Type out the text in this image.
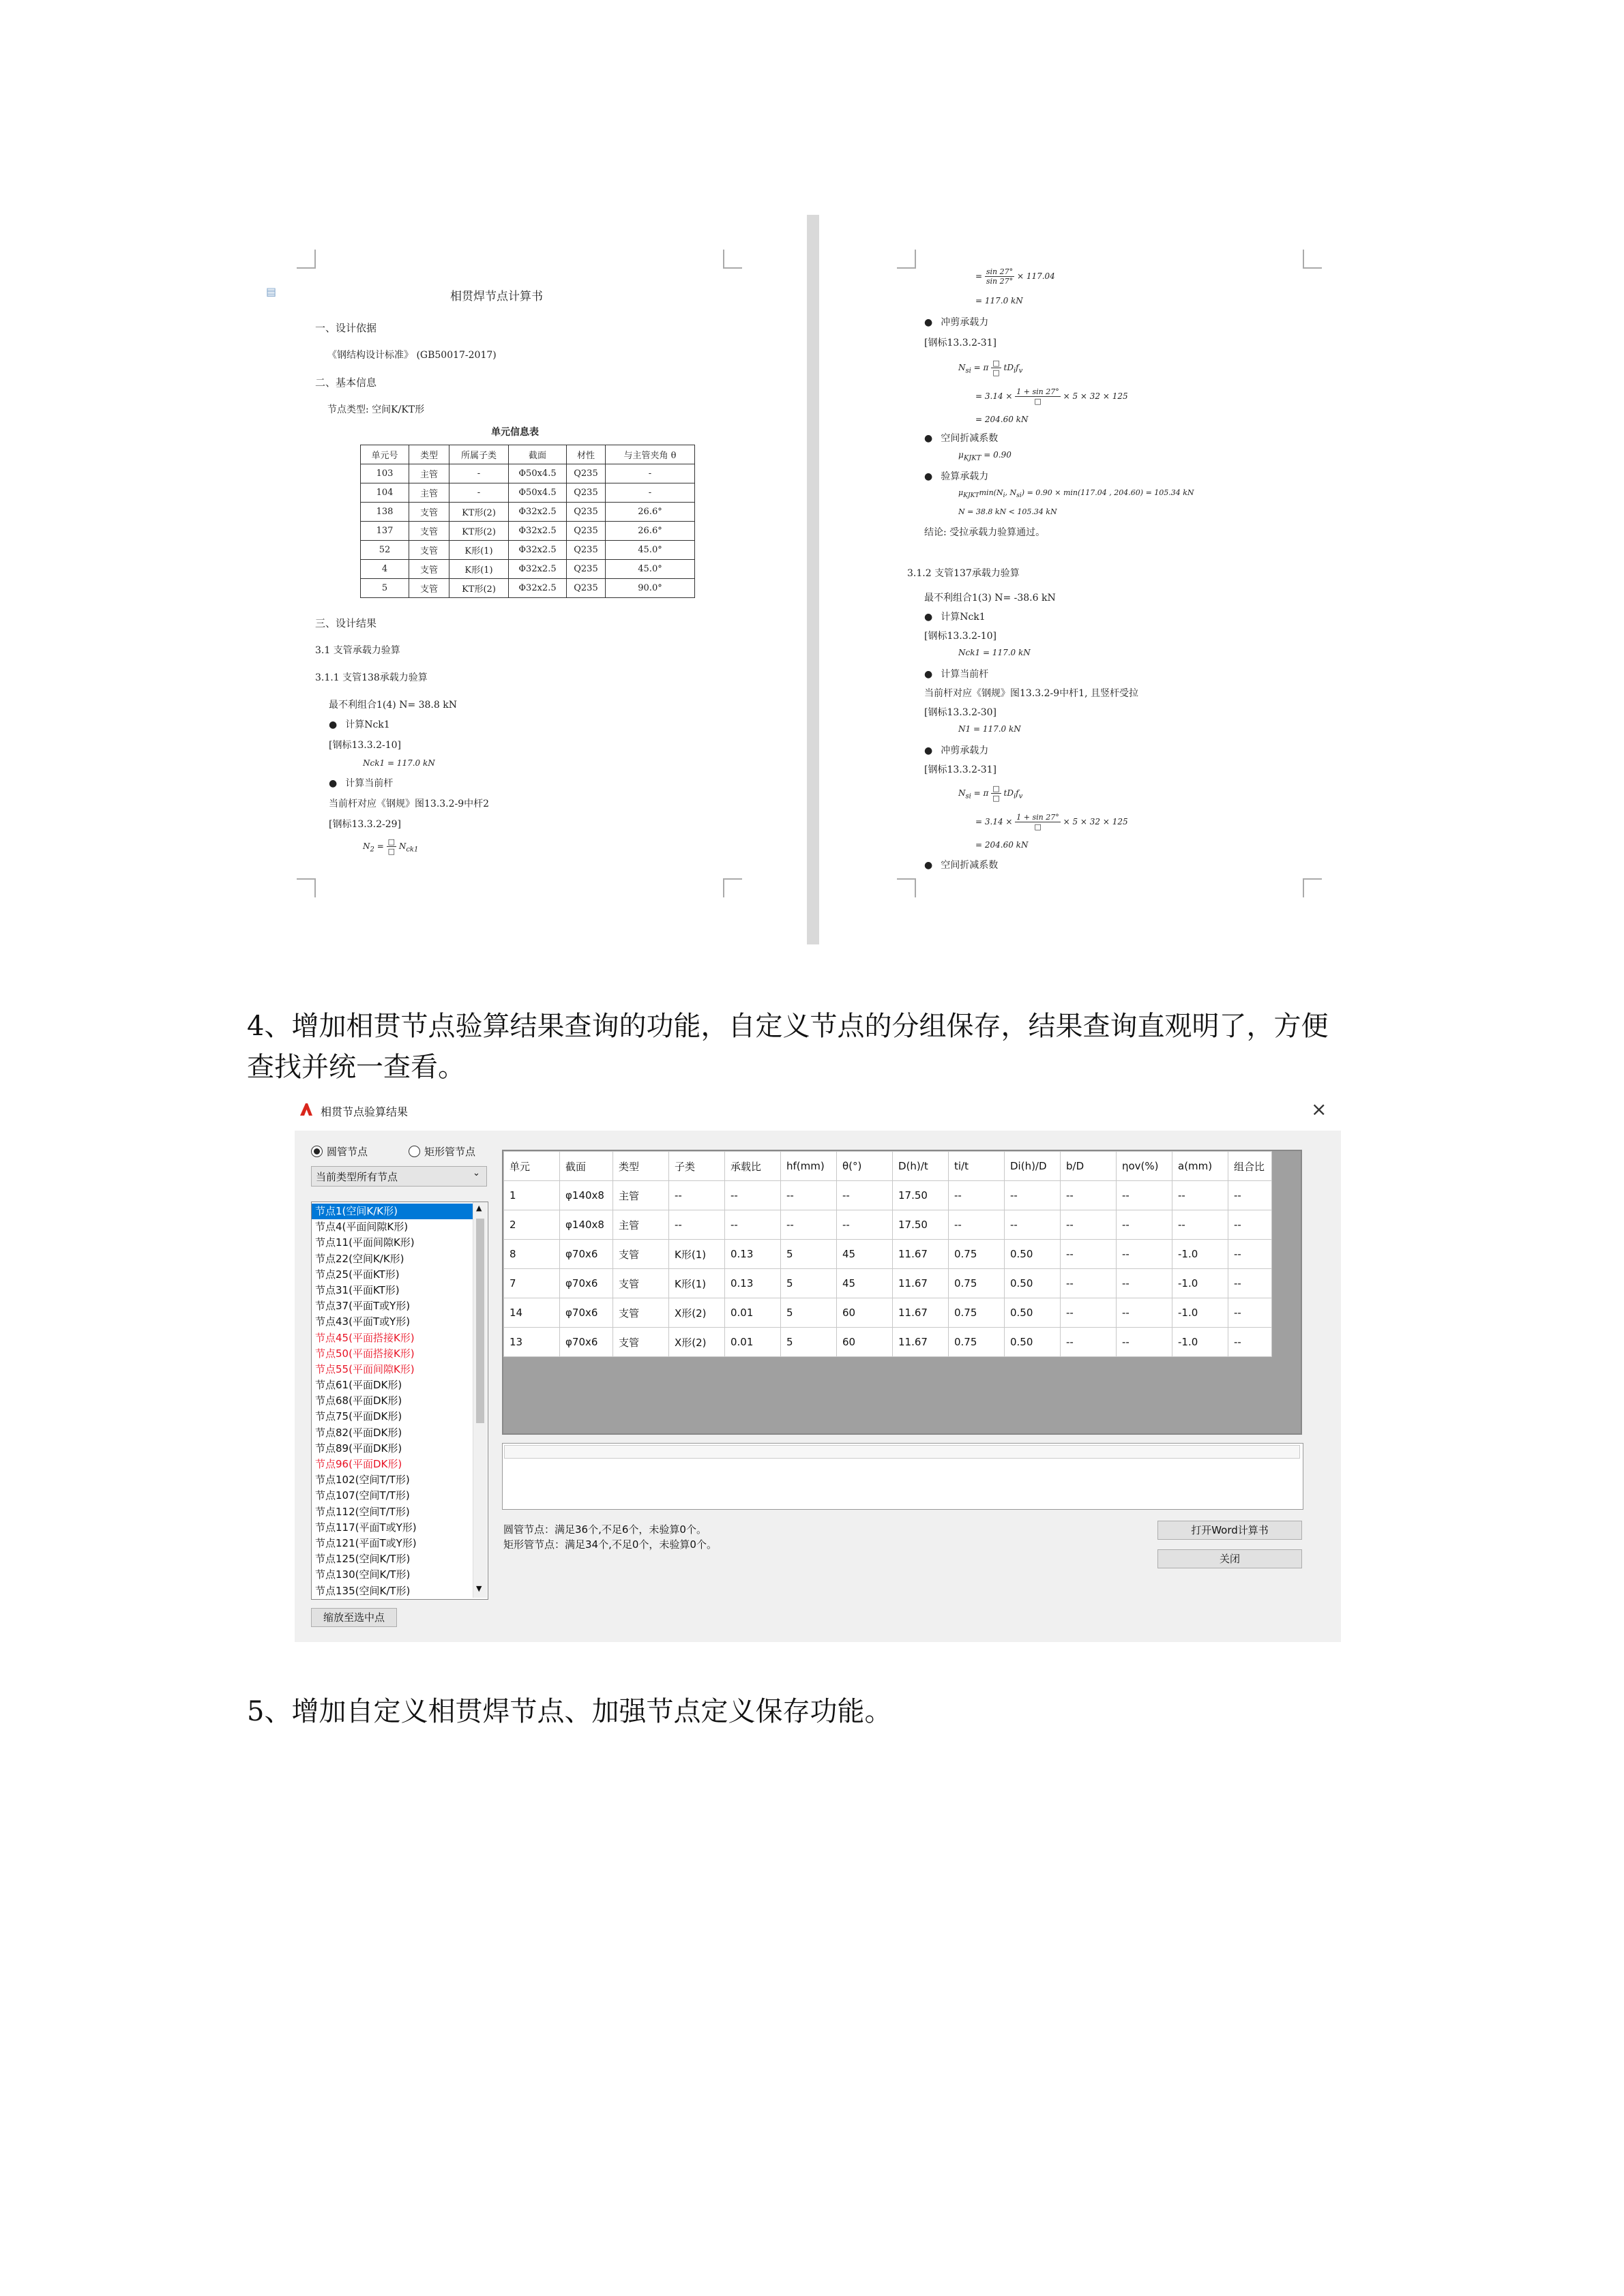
▤	相贯焊节点计算书
一、设计依据
《钢结构设计标准》 (GB50017-2017)
二、基本信息
节点类型: 空间K/KT形
单元信息表
单元号	类型	所属子类	截面	材性	与主管夹角 θ
103	主管	-	Φ50x4.5	Q235	-
104	主管	-	Φ50x4.5	Q235	-
138	支管	KT形(2)	Φ32x2.5	Q235	26.6°
137	支管	KT形(2)	Φ32x2.5	Q235	26.6°
52	支管	K形(1)	Φ32x2.5	Q235	45.0°
4	支管	K形(1)	Φ32x2.5	Q235	45.0°
5	支管	KT形(2)	Φ32x2.5	Q235	90.0°
三、设计结果
3.1 支管承载力验算
3.1.1 支管138承载力验算
最不利组合1(4) N= 38.8 kN
● 计算Nck1
[钢标13.3.2-10]
Nck1 = 117.0 kN
● 计算当前杆
当前杆对应《钢规》图13.3.2-9中杆2
[钢标13.3.2-29]
$N_2 = \frac{□}{□} N_{ck1}$
= $\frac{\sin 27^\circ}{\sin 27^\circ} \times 117.04$
= 117.0 kN
● 冲剪承载力
[钢标13.3.2-31]
$N_{si} = \pi \frac{□}{□} tD_if_v$
= $3.14 \times \frac{1 + \sin 27^\circ}{□} \times 5 \times 32 \times 125$
= 204.60 kN
● 空间折减系数
$\mu_{KJKT} = 0.90$
● 验算承载力
$\mu_{KJKT}\min(N_i$, $N_{si}) = 0.90 \times \min(117.04$ , 204.60) = 105.34 kN
N = 38.8 kN < 105.34 kN
结论: 受拉承载力验算通过。
3.1.2 支管137承载力验算
最不利组合1(3) N= -38.6 kN
● 计算Nck1
[钢标13.3.2-10]
Nck1 = 117.0 kN
● 计算当前杆
当前杆对应《钢规》图13.3.2-9中杆1, 且竖杆受拉
[钢标13.3.2-30]
N1 = 117.0 kN
● 冲剪承载力
[钢标13.3.2-31]
$N_{si} = \pi \frac{□}{□} tD_if_v$
= $3.14 \times \frac{1 + \sin 27^\circ}{□} \times 5 \times 32 \times 125$
= 204.60 kN
● 空间折减系数
4、增加相贯节点验算结果查询的功能，自定义节点的分组保存，结果查询直观明了，方便
查找并统一查看。
相贯节点验算结果	×
圆管节点	矩形管节点
当前类型所有节点	⌄
节点1(空间K/K形)
节点4(平面间隙K形)
节点11(平面间隙K形)
节点22(空间K/K形)
节点25(平面KT形)
节点31(平面KT形)
节点37(平面T或Y形)
节点43(平面T或Y形)
节点45(平面搭接K形)
节点50(平面搭接K形)
节点55(平面间隙K形)
节点61(平面DK形)
节点68(平面DK形)
节点75(平面DK形)
节点82(平面DK形)
节点89(平面DK形)
节点96(平面DK形)
节点102(空间T/T形)
节点107(空间T/T形)
节点112(空间T/T形)
节点117(平面T或Y形)
节点121(平面T或Y形)
节点125(空间K/T形)
节点130(空间K/T形)
节点135(空间K/T形)
▲
▼
缩放至选中点
单元	截面	类型	子类	承载比	hf(mm)	θ(°)	D(h)/t	ti/t	Di(h)/D	b/D	ηov(%)	a(mm)	组合比
1	φ140x8	主管	--	--	--	--	17.50	--	--	--	--	--	--
2	φ140x8	主管	--	--	--	--	17.50	--	--	--	--	--	--
8	φ70x6	支管	K形(1)	0.13	5	45	11.67	0.75	0.50	--	--	-1.0	--
7	φ70x6	支管	K形(1)	0.13	5	45	11.67	0.75	0.50	--	--	-1.0	--
14	φ70x6	支管	X形(2)	0.01	5	60	11.67	0.75	0.50	--	--	-1.0	--
13	φ70x6	支管	X形(2)	0.01	5	60	11.67	0.75	0.50	--	--	-1.0	--
圆管节点：满足36个,不足6个，未验算0个。
矩形管节点：满足34个,不足0个，未验算0个。
打开Word计算书
关闭
5、增加自定义相贯焊节点、加强节点定义保存功能。
